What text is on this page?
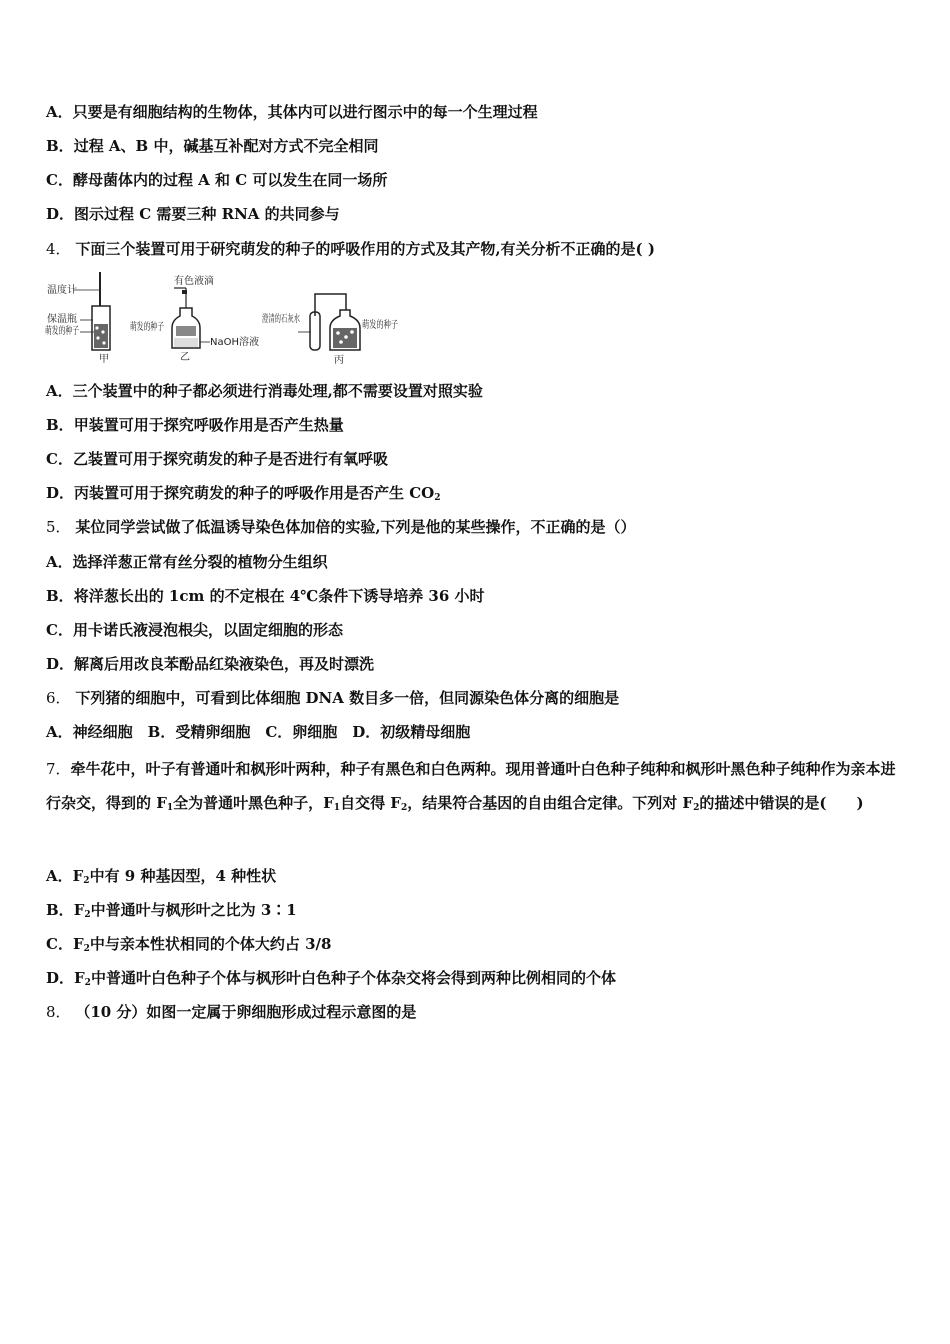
A．只要是有细胞结构的生物体，其体内可以进行图示中的每一个生理过程
B．过程 A、B 中，碱基互补配对方式不完全相同
C．酵母菌体内的过程 A 和 C 可以发生在同一场所
D．图示过程 C 需要三种 RNA 的共同参与
4． 下面三个装置可用于研究萌发的种子的呼吸作用的方式及其产物,有关分析不正确的是( )
温度计
保温瓶
萌发的种子
甲
有色液滴
萌发的种子
NaOH溶液
乙
澄清的石灰水
萌发的种子
丙
A．三个装置中的种子都必须进行消毒处理,都不需要设置对照实验
B．甲装置可用于探究呼吸作用是否产生热量
C．乙装置可用于探究萌发的种子是否进行有氧呼吸
D．丙装置可用于探究萌发的种子的呼吸作用是否产生 $CO_2$
5． 某位同学尝试做了低温诱导染色体加倍的实验,下列是他的某些操作，不正确的是（）
A．选择洋葱正常有丝分裂的植物分生组织
B．将洋葱长出的 1cm 的不定根在 4℃条件下诱导培养 36 小时
C．用卡诺氏液浸泡根尖，以固定细胞的形态
D．解离后用改良苯酚品红染液染色，再及时漂洗
6． 下列猪的细胞中，可看到比体细胞 DNA 数目多一倍，但同源染色体分离的细胞是
A．神经细胞　B．受精卵细胞　C．卵细胞　D．初级精母细胞
7．牵牛花中，叶子有普通叶和枫形叶两种，种子有黑色和白色两种。现用普通叶白色种子纯种和枫形叶黑色种子纯种作为亲本进行杂交，得到的 $F_1$全为普通叶黑色种子，$F_1$自交得 $F_2$，结果符合基因的自由组合定律。下列对 $F_2$的描述中错误的是(　　)
A．$F_2$中有 9 种基因型，4 种性状
B．$F_2$中普通叶与枫形叶之比为 3∶1
C．$F_2$中与亲本性状相同的个体大约占 3/8
D．$F_2$中普通叶白色种子个体与枫形叶白色种子个体杂交将会得到两种比例相同的个体
8． （10 分）如图一定属于卵细胞形成过程示意图的是
